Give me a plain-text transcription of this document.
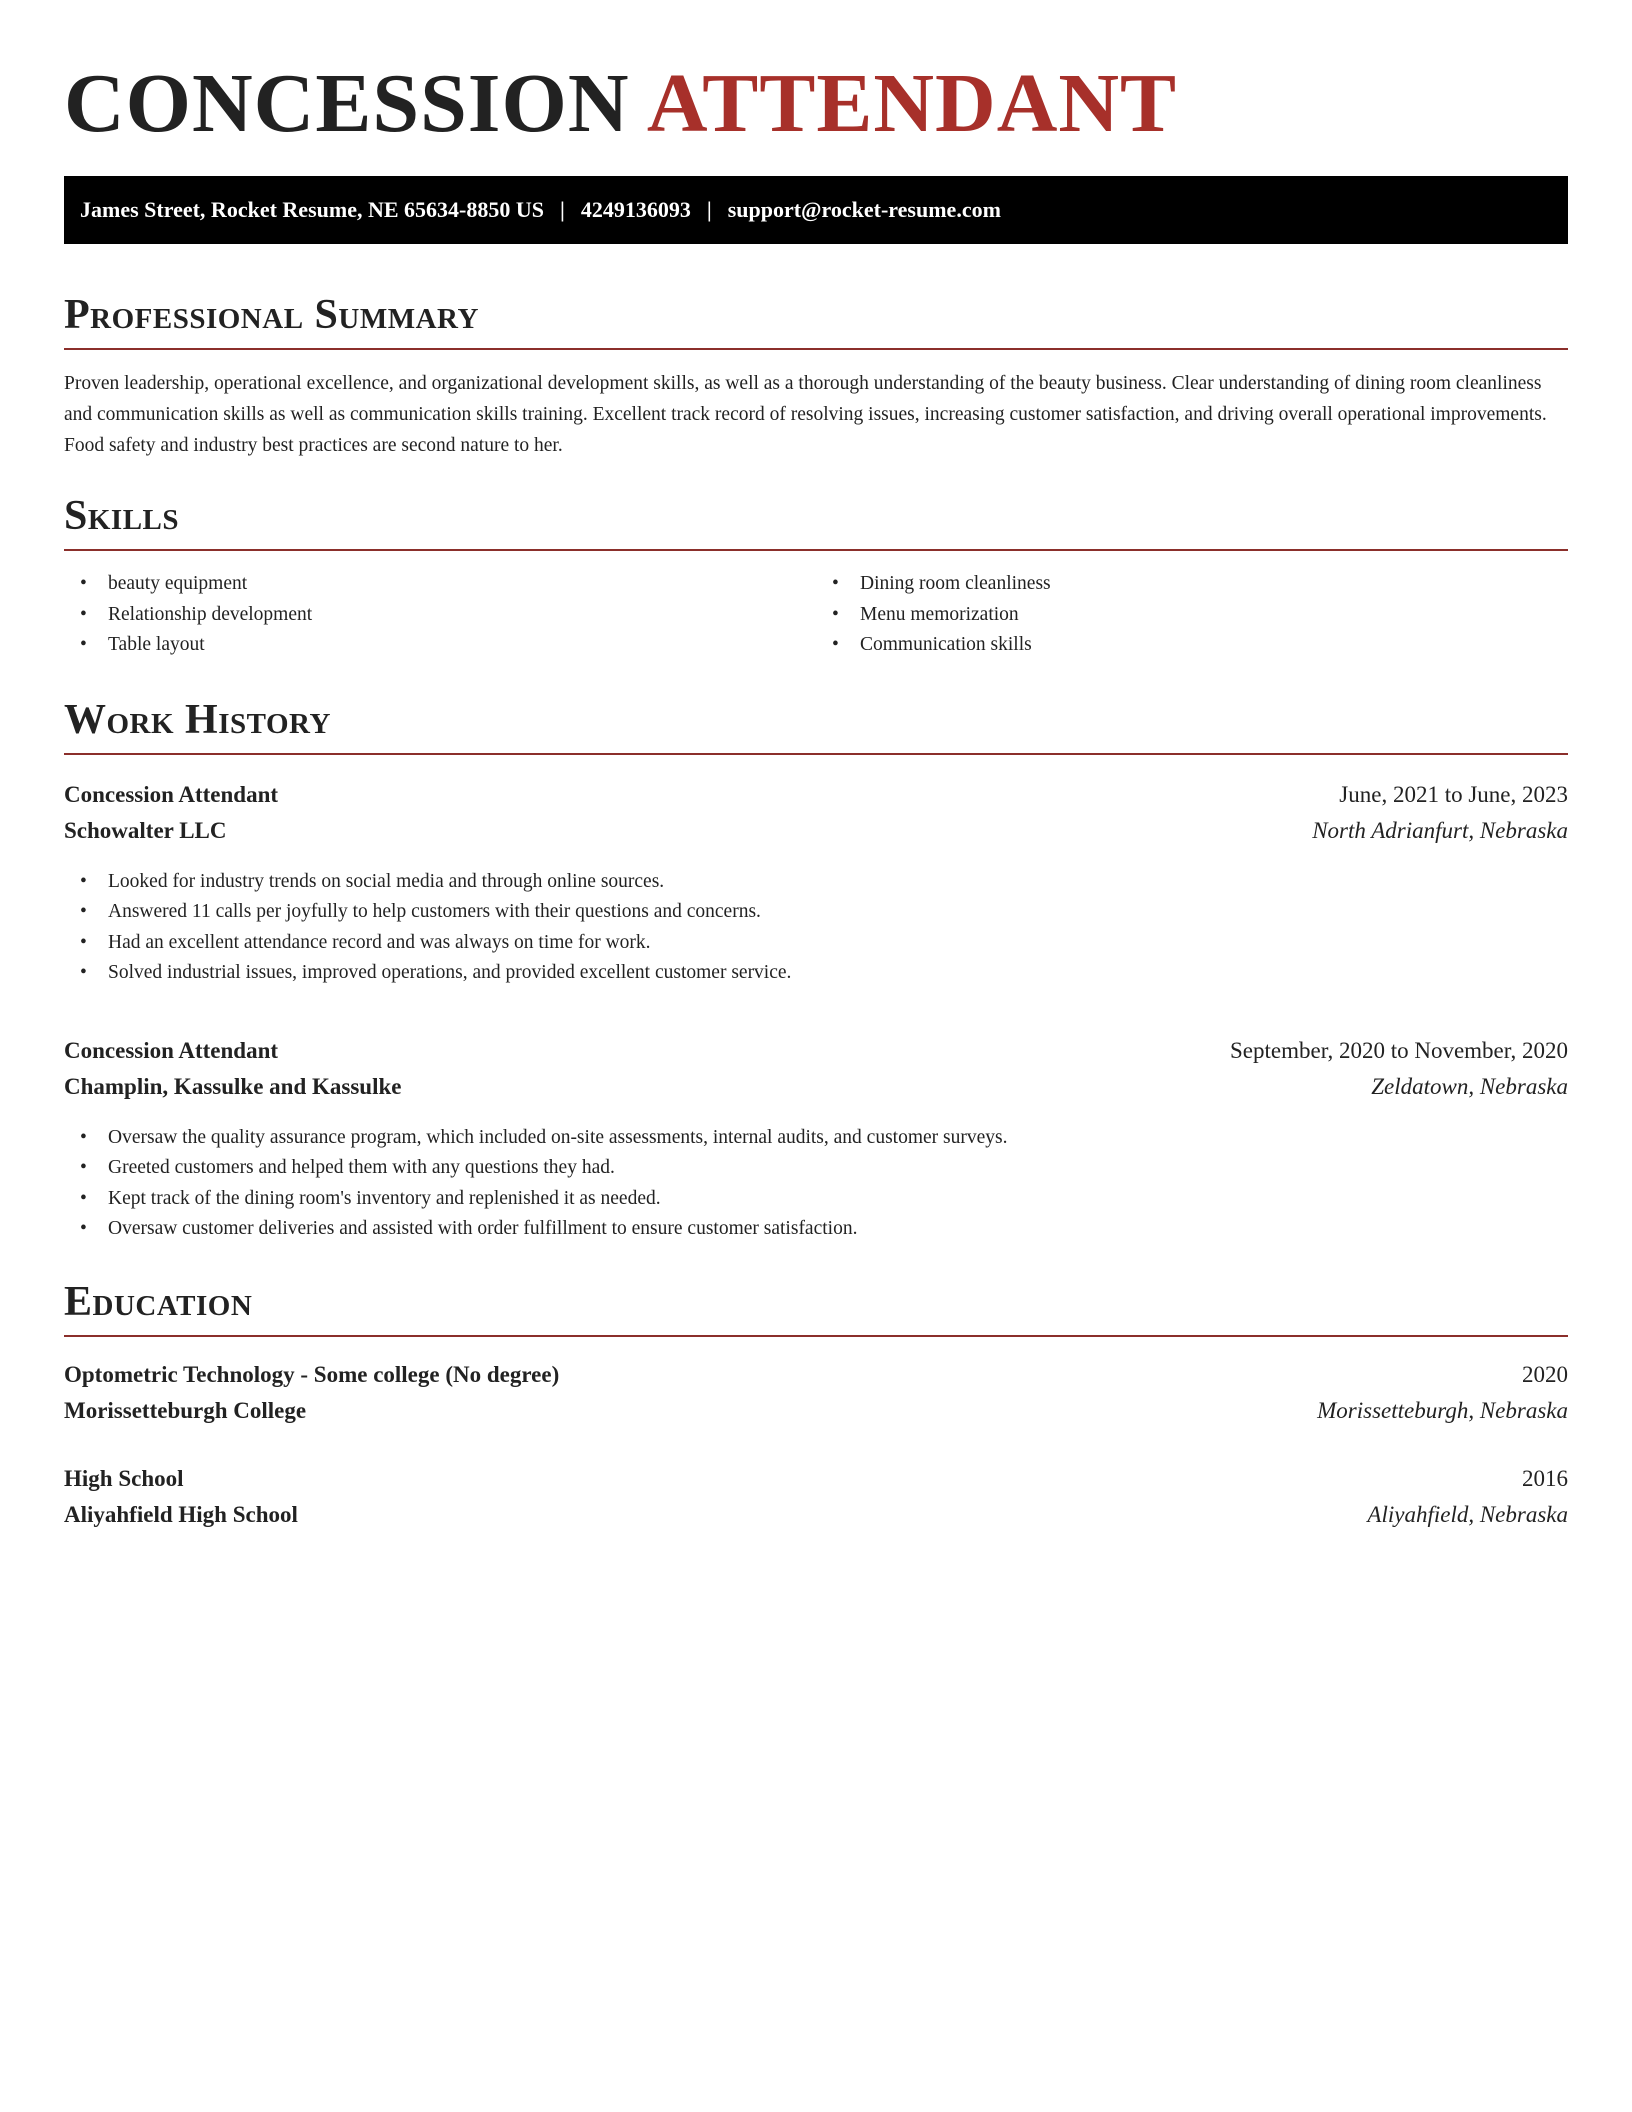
CONCESSION ATTENDANT
James Street, Rocket Resume, NE 65634-8850 US | 4249136093 | support@rocket-resume.com
Professional Summary

Proven leadership, operational excellence, and organizational development skills, as well as a thorough understanding of the beauty business. Clear understanding of dining room cleanliness and communication skills as well as communication skills training. Excellent track record of resolving issues, increasing customer satisfaction, and driving overall operational improvements. Food safety and industry best practices are second nature to her.

Skills
• beauty equipment
• Relationship development
• Table layout
• Dining room cleanliness
• Menu memorization
• Communication skills
Work History
Concession Attendant	June, 2021 to June, 2023
Schowalter LLC	North Adrianfurt, Nebraska
• Looked for industry trends on social media and through online sources.
• Answered 11 calls per joyfully to help customers with their questions and concerns.
• Had an excellent attendance record and was always on time for work.
• Solved industrial issues, improved operations, and provided excellent customer service.
Concession Attendant	September, 2020 to November, 2020
Champlin, Kassulke and Kassulke	Zeldatown, Nebraska
• Oversaw the quality assurance program, which included on-site assessments, internal audits, and customer surveys.
• Greeted customers and helped them with any questions they had.
• Kept track of the dining room's inventory and replenished it as needed.
• Oversaw customer deliveries and assisted with order fulfillment to ensure customer satisfaction.
Education
Optometric Technology - Some college (No degree)	2020
Morissetteburgh College	Morissetteburgh, Nebraska
High School	2016
Aliyahfield High School	Aliyahfield, Nebraska
